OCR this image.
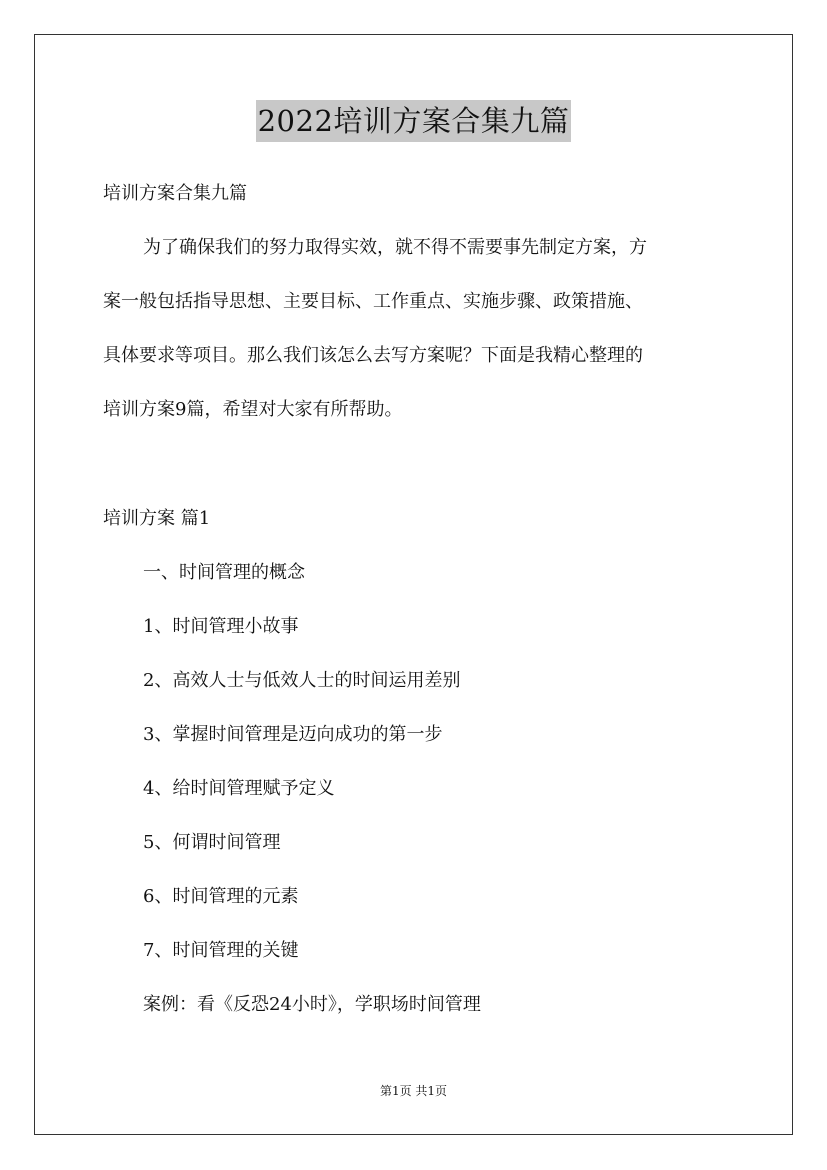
2022培训方案合集九篇
培训方案合集九篇
为了确保我们的努力取得实效，就不得不需要事先制定方案，方
案一般包括指导思想、主要目标、工作重点、实施步骤、政策措施、
具体要求等项目。那么我们该怎么去写方案呢？下面是我精心整理的
培训方案9篇，希望对大家有所帮助。
培训方案 篇1
一、时间管理的概念
1、时间管理小故事
2、高效人士与低效人士的时间运用差别
3、掌握时间管理是迈向成功的第一步
4、给时间管理赋予定义
5、何谓时间管理
6、时间管理的元素
7、时间管理的关键
案例：看《反恐24小时》，学职场时间管理
第1页 共1页
